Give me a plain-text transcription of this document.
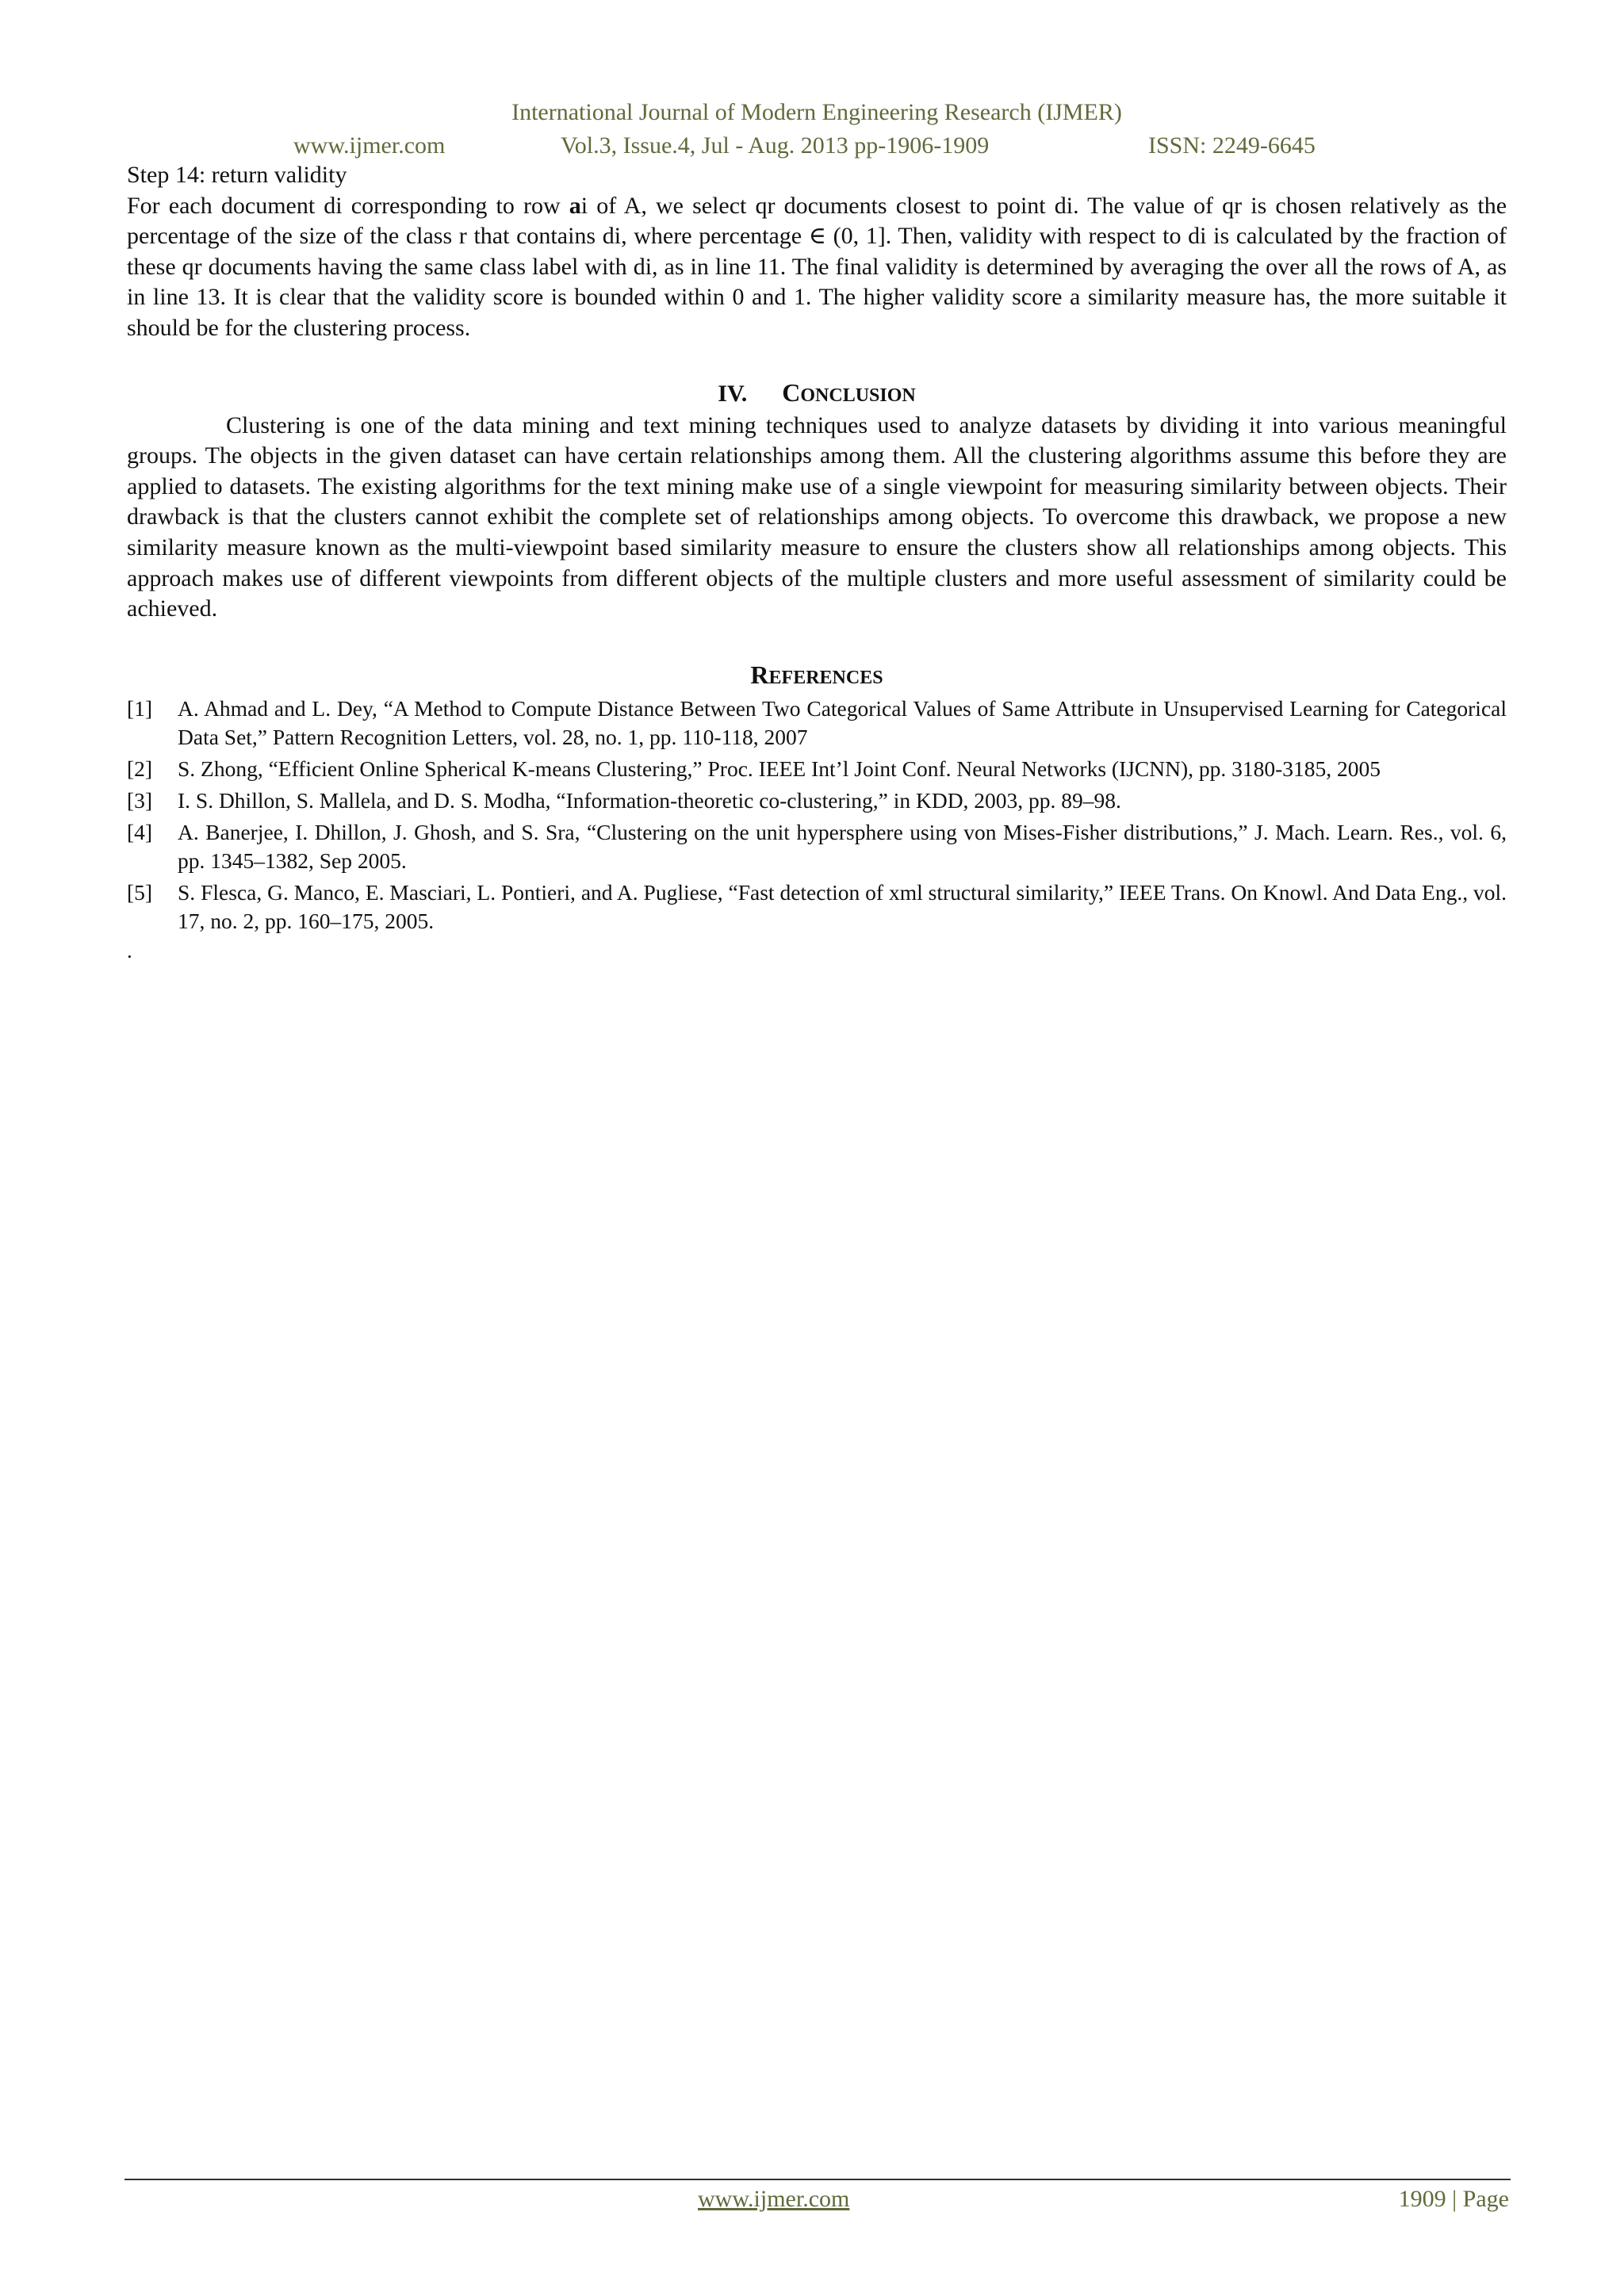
International Journal of Modern Engineering Research (IJMER)
www.ijmer.com	Vol.3, Issue.4, Jul - Aug. 2013 pp-1906-1909	ISSN: 2249-6645

Step 14: return validity

For each document di corresponding to row ai of A, we select qr documents closest to point di. The value of qr is chosen relatively as the percentage of the size of the class r that contains di, where percentage ∈ (0, 1]. Then, validity with respect to di is calculated by the fraction of these qr documents having the same class label with di, as in line 11. The final validity is determined by averaging the over all the rows of A, as in line 13. It is clear that the validity score is bounded within 0 and 1. The higher validity score a similarity measure has, the more suitable it should be for the clustering process.

IV. CONCLUSION

Clustering is one of the data mining and text mining techniques used to analyze datasets by dividing it into various meaningful groups. The objects in the given dataset can have certain relationships among them. All the clustering algorithms assume this before they are applied to datasets. The existing algorithms for the text mining make use of a single viewpoint for measuring similarity between objects. Their drawback is that the clusters cannot exhibit the complete set of relationships among objects. To overcome this drawback, we propose a new similarity measure known as the multi-viewpoint based similarity measure to ensure the clusters show all relationships among objects. This approach makes use of different viewpoints from different objects of the multiple clusters and more useful assessment of similarity could be achieved.

REFERENCES
[1]	A. Ahmad and L. Dey, “A Method to Compute Distance Between Two Categorical Values of Same Attribute in Unsupervised Learning for Categorical Data Set,” Pattern Recognition Letters, vol. 28, no. 1, pp. 110-118, 2007
[2]	S. Zhong, “Efficient Online Spherical K-means Clustering,” Proc. IEEE Int’l Joint Conf. Neural Networks (IJCNN), pp. 3180-3185, 2005
[3]	I. S. Dhillon, S. Mallela, and D. S. Modha, “Information-theoretic co-clustering,” in KDD, 2003, pp. 89–98.
[4]	A. Banerjee, I. Dhillon, J. Ghosh, and S. Sra, “Clustering on the unit hypersphere using von Mises-Fisher distributions,” J. Mach. Learn. Res., vol. 6, pp. 1345–1382, Sep 2005.
[5]	S. Flesca, G. Manco, E. Masciari, L. Pontieri, and A. Pugliese, “Fast detection of xml structural similarity,” IEEE Trans. On Knowl. And Data Eng., vol. 17, no. 2, pp. 160–175, 2005.

.

www.ijmer.com	1909 | Page
